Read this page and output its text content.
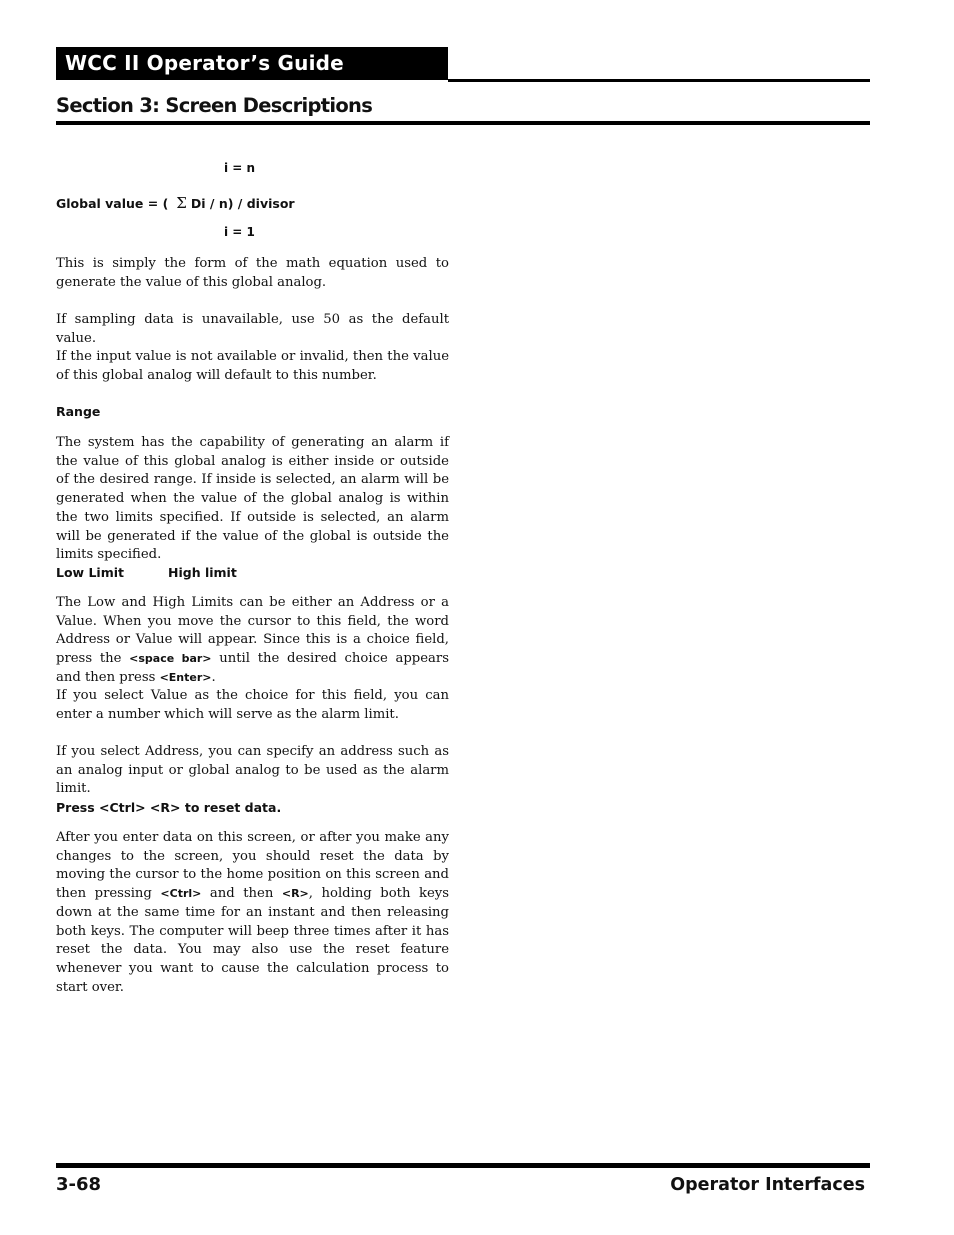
WCC II Operator’s Guide
Section 3: Screen Descriptions
i = n
Global value = ( Σ Di / n) / divisor
i = 1
This is simply the form of the math equation used to generate the value of this global analog.
If sampling data is unavailable, use 50 as the default value.
If the input value is not available or invalid, then the value of this global analog will default to this number.
Range
The system has the capability of generating an alarm if the value of this global analog is either inside or outside of the desired range. If inside is selected, an alarm will be generated when the value of the global analog is within the two limits specified. If outside is selected, an alarm will be generated if the value of the global is outside the limits specified.
Low Limit	High limit
The Low and High Limits can be either an Address or a Value. When you move the cursor to this field, the word Address or Value will appear. Since this is a choice field, press the <space bar> until the desired choice appears and then press <Enter>.
If you select Value as the choice for this field, you can enter a number which will serve as the alarm limit.
If you select Address, you can specify an address such as an analog input or global analog to be used as the alarm limit.
Press <Ctrl> <R> to reset data.
After you enter data on this screen, or after you make any changes to the screen, you should reset the data by moving the cursor to the home position on this screen and then pressing <Ctrl> and then <R>, holding both keys down at the same time for an instant and then releasing both keys. The computer will beep three times after it has reset the data. You may also use the reset feature whenever you want to cause the calculation process to start over.
3-68	Operator Interfaces
